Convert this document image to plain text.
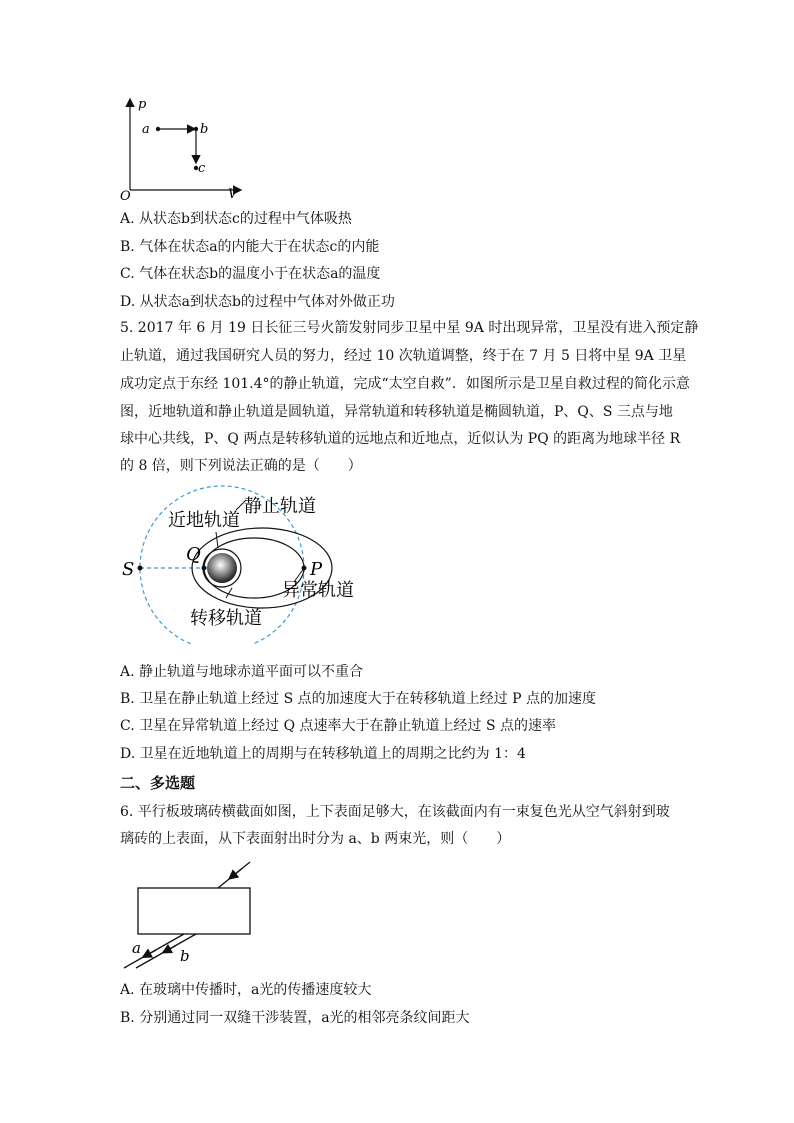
p
V
O
a	b
c
A. 从状态b到状态c的过程中气体吸热
B. 气体在状态a的内能大于在状态c的内能
C. 气体在状态b的温度小于在状态a的温度
D. 从状态a到状态b的过程中气体对外做正功
5. 2017 年 6 月 19 日长征三号火箭发射同步卫星中星 9A 时出现异常，卫星没有进入预定静
止轨道，通过我国研究人员的努力，经过 10 次轨道调整，终于在 7 月 5 日将中星 9A 卫星
成功定点于东经 101.4°的静止轨道，完成“太空自救”．如图所示是卫星自救过程的简化示意
图，近地轨道和静止轨道是圆轨道，异常轨道和转移轨道是椭圆轨道，P、Q、S 三点与地
球中心共线，P、Q 两点是转移轨道的远地点和近地点，近似认为 PQ 的距离为地球半径 R
的 8 倍，则下列说法正确的是（　　）
静止轨道
近地轨道
异常轨道
转移轨道
S
Q
P
A. 静止轨道与地球赤道平面可以不重合
B. 卫星在静止轨道上经过 S 点的加速度大于在转移轨道上经过 P 点的加速度
C. 卫星在异常轨道上经过 Q 点速率大于在静止轨道上经过 S 点的速率
D. 卫星在近地轨道上的周期与在转移轨道上的周期之比约为 1：4
二、多选题
6. 平行板玻璃砖横截面如图，上下表面足够大，在该截面内有一束复色光从空气斜射到玻
璃砖的上表面，从下表面射出时分为 a、b 两束光，则（　　）
a	b
A. 在玻璃中传播时，a光的传播速度较大
B. 分别通过同一双缝干涉装置，a光的相邻亮条纹间距大
